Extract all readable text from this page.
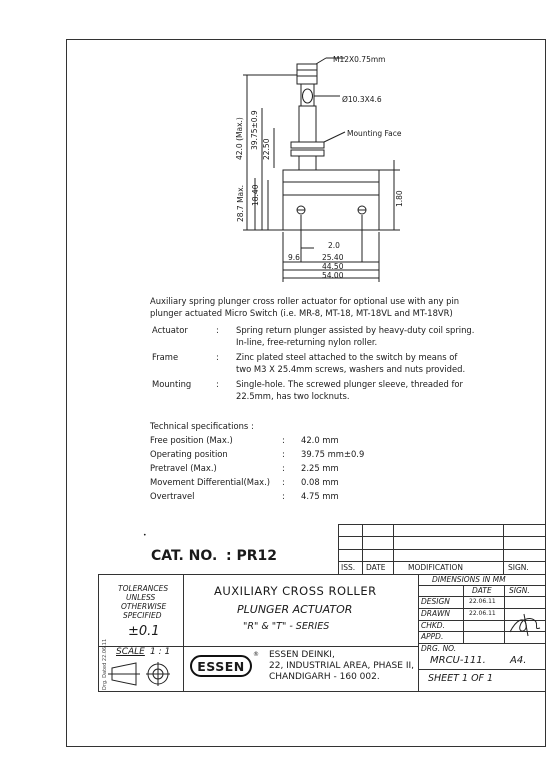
M12X0.75mm
Ø10.3X4.6
Mounting Face
42.0 (Max.) 39.75±0.9 22.50
28.7 Max. 18.40	1.80
2.0
9.6	25.40
44.50
54.00
Auxiliary spring plunger cross roller actuator for optional use with any pin
plunger actuated Micro Switch (i.e. MR-8, MT-18, MT-18VL and MT-18VR)
Actuator	: Spring return plunger assisted by heavy-duty coil spring.
In-line, free-returning nylon roller.
Frame	: Zinc plated steel attached to the switch by means of
two M3 X 25.4mm screws, washers and nuts provided.
Mounting	: Single-hole. The screwed plunger sleeve, threaded for
22.5mm, has two locknuts.
Technical specifications :
Free position (Max.)	: 42.0 mm
Operating position	: 39.75 mm±0.9
Pretravel (Max.)	: 2.25 mm
Movement Differential(Max.) : 0.08 mm
Overtravel	: 4.75 mm
•
CAT. NO. : PR12
ISS. DATE	MODIFICATION	SIGN.
TOLERANCES
UNLESS
OTHERWISE
SPECIFIED
±0.1
SCALE 1 : 1
Drg. Dated 22.06.11
AUXILIARY CROSS ROLLER
PLUNGER ACTUATOR
"R" & "T" - SERIES
ESSEN
® ESSEN DEINKI,
22, INDUSTRIAL AREA, PHASE II,
CHANDIGARH - 160 002.
DIMENSIONS IN MM
DATE SIGN.
DESIGN	22.06.11
DRAWN	22.06.11
CHKD.
APPD.
DRG. NO.
MRCU-111. A4.
SHEET 1 OF 1
